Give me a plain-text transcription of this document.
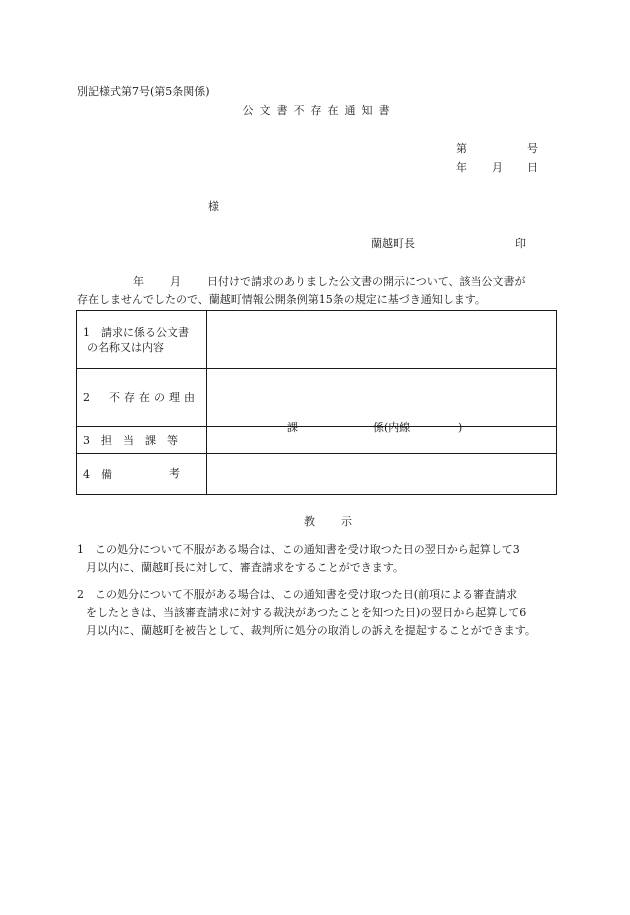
別記様式第7号(第5条関係)
公文書不存在通知書
第	号
年 月 日
様
蘭越町長	印
年 月 日付けで請求のありました公文書の開示について、該当公文書が
存在しませんでしたので、蘭越町情報公開条例第15条の規定に基づき通知します。
1　請求に係る公文書
の名称又は内容	

2　不存在の理由	
3　担　当　課　等	課 係(内線 )

4　備 考	

教示
1　この処分について不服がある場合は、この通知書を受け取つた日の翌日から起算して3
月以内に、蘭越町長に対して、審査請求をすることができます。
2　この処分について不服がある場合は、この通知書を受け取つた日(前項による審査請求
をしたときは、当該審査請求に対する裁決があつたことを知つた日)の翌日から起算して6
月以内に、蘭越町を被告として、裁判所に処分の取消しの訴えを提起することができます。
